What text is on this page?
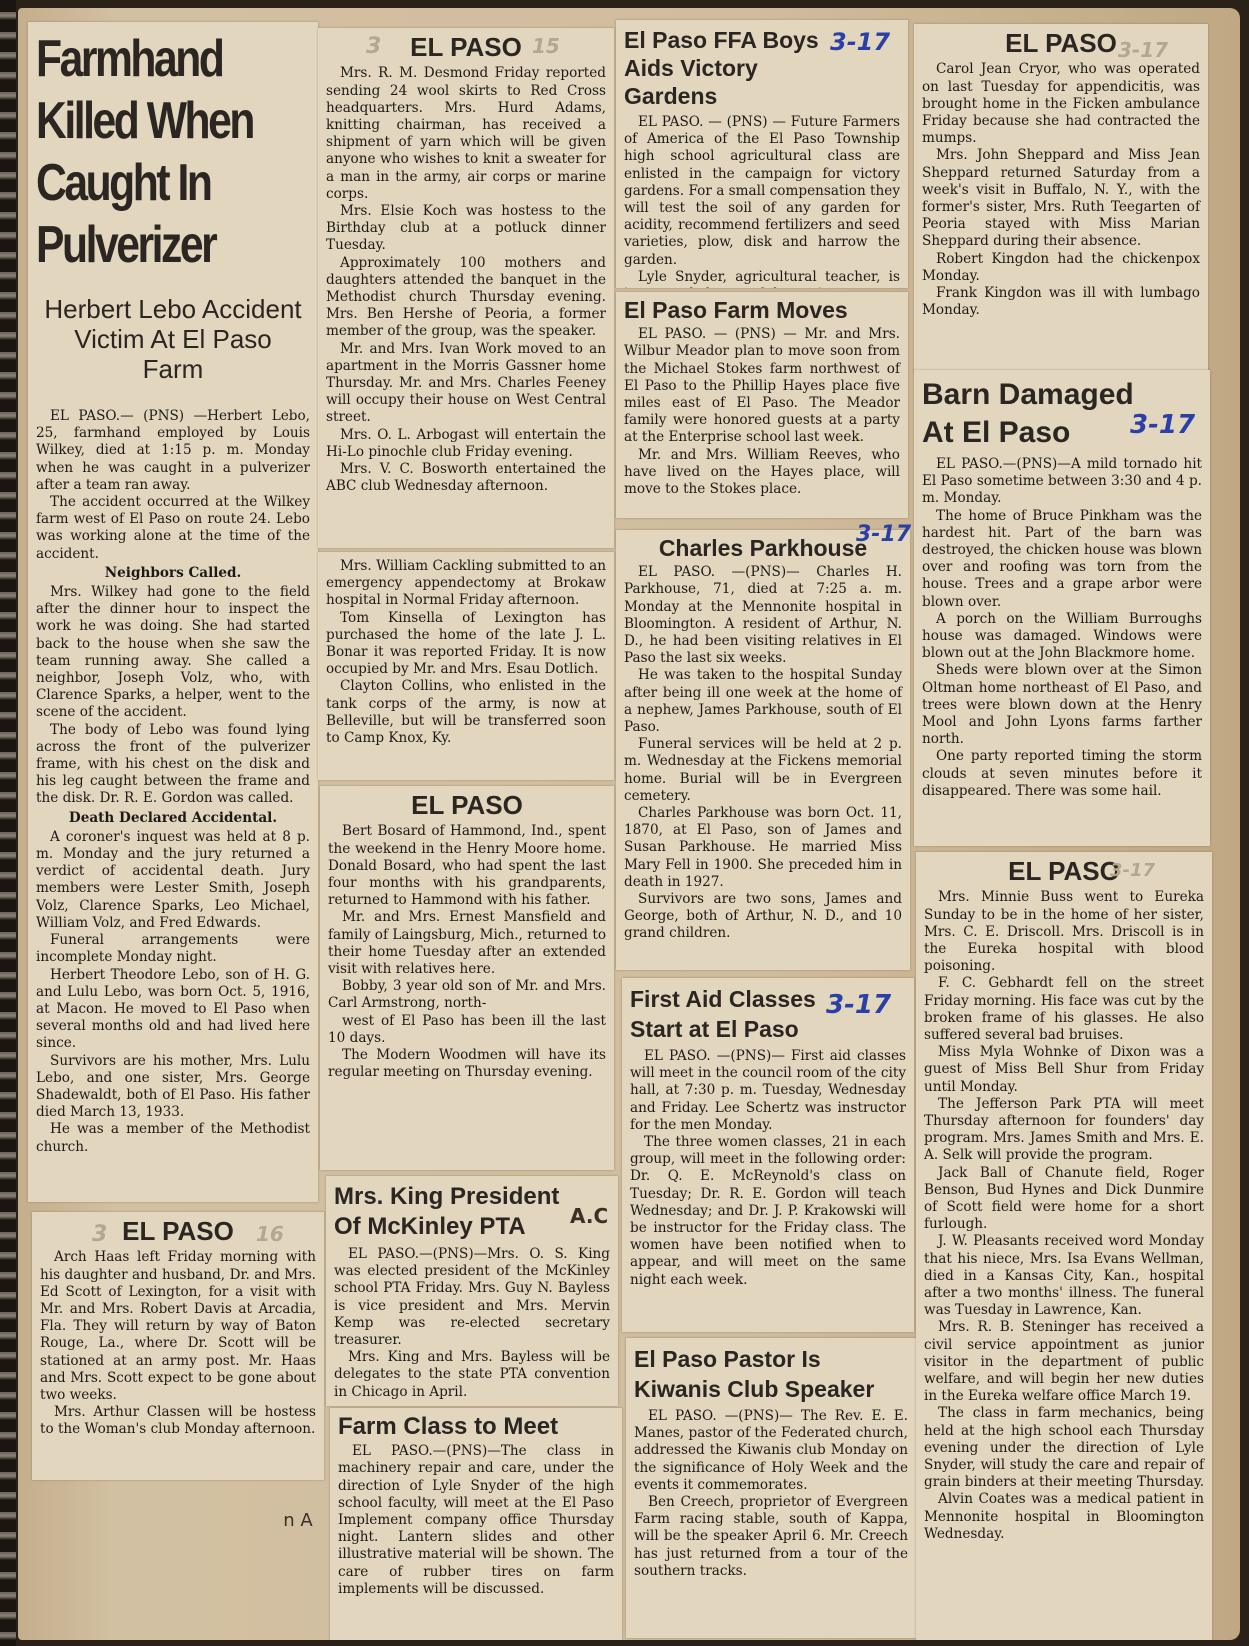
Farmhand Killed When Caught In Pulverizer
Herbert Lebo Accident Victim At El Paso Farm

EL PASO.— (PNS) —Herbert Lebo, 25, farmhand employed by Louis Wilkey, died at 1:15 p. m. Monday when he was caught in a pulverizer after a team ran away.

The accident occurred at the Wilkey farm west of El Paso on route 24. Lebo was working alone at the time of the accident.

Neighbors Called.

Mrs. Wilkey had gone to the field after the dinner hour to inspect the work he was doing. She had started back to the house when she saw the team running away. She called a neighbor, Joseph Volz, who, with Clarence Sparks, a helper, went to the scene of the accident.

The body of Lebo was found lying across the front of the pulverizer frame, with his chest on the disk and his leg caught between the frame and the disk. Dr. R. E. Gordon was called.

Death Declared Accidental.

A coroner's inquest was held at 8 p. m. Monday and the jury returned a verdict of accidental death. Jury members were Lester Smith, Joseph Volz, Clarence Sparks, Leo Michael, William Volz, and Fred Edwards.

Funeral arrangements were incomplete Monday night.

Herbert Theodore Lebo, son of H. G. and Lulu Lebo, was born Oct. 5, 1916, at Macon. He moved to El Paso when several months old and had lived here since.

Survivors are his mother, Mrs. Lulu Lebo, and one sister, Mrs. George Shadewaldt, both of El Paso. His father died March 13, 1933.

He was a member of the Methodist church.

EL PASO

Arch Haas left Friday morning with his daughter and husband, Dr. and Mrs. Ed Scott of Lexington, for a visit with Mr. and Mrs. Robert Davis at Arcadia, Fla. They will return by way of Baton Rouge, La., where Dr. Scott will be stationed at an army post. Mr. Haas and Mrs. Scott expect to be gone about two weeks.

Mrs. Arthur Classen will be hostess to the Woman's club Monday afternoon.

n A
EL PASO

Mrs. R. M. Desmond Friday reported sending 24 wool skirts to Red Cross headquarters. Mrs. Hurd Adams, knitting chairman, has received a shipment of yarn which will be given anyone who wishes to knit a sweater for a man in the army, air corps or marine corps.

Mrs. Elsie Koch was hostess to the Birthday club at a potluck dinner Tuesday.

Approximately 100 mothers and daughters attended the banquet in the Methodist church Thursday evening. Mrs. Ben Hershe of Peoria, a former member of the group, was the speaker.

Mr. and Mrs. Ivan Work moved to an apartment in the Morris Gassner home Thursday. Mr. and Mrs. Charles Feeney will occupy their house on West Central street.

Mrs. O. L. Arbogast will entertain the Hi-Lo pinochle club Friday evening.

Mrs. V. C. Bosworth entertained the ABC club Wednesday afternoon.

Mrs. William Cackling submitted to an emergency appendectomy at Brokaw hospital in Normal Friday afternoon.

Tom Kinsella of Lexington has purchased the home of the late J. L. Bonar it was reported Friday. It is now occupied by Mr. and Mrs. Esau Dotlich.

Clayton Collins, who enlisted in the tank corps of the army, is now at Belleville, but will be transferred soon to Camp Knox, Ky.

EL PASO

Bert Bosard of Hammond, Ind., spent the weekend in the Henry Moore home. Donald Bosard, who had spent the last four months with his grandparents, returned to Hammond with his father.

Mr. and Mrs. Ernest Mansfield and family of Laingsburg, Mich., returned to their home Tuesday after an extended visit with relatives here.

Bobby, 3 year old son of Mr. and Mrs. Carl Armstrong, north-

west of El Paso has been ill the last 10 days.

The Modern Woodmen will have its regular meeting on Thursday evening.

Mrs. King President Of McKinley PTA

EL PASO.—(PNS)—Mrs. O. S. King was elected president of the McKinley school PTA Friday. Mrs. Guy N. Bayless is vice president and Mrs. Mervin Kemp was re-elected secretary treasurer.

Mrs. King and Mrs. Bayless will be delegates to the state PTA convention in Chicago in April.

Farm Class to Meet

EL PASO.—(PNS)—The class in machinery repair and care, under the direction of Lyle Snyder of the high school faculty, will meet at the El Paso Implement company office Thursday night. Lantern slides and other illustrative material will be shown. The care of rubber tires on farm implements will be discussed.

El Paso FFA Boys Aids Victory Gardens

EL PASO. — (PNS) — Future Farmers of America of the El Paso Township high school agricultural class are enlisted in the campaign for victory gardens. For a small compensation they will test the soil of any garden for acidity, recommend fertilizers and seed varieties, plow, disk and harrow the garden.

Lyle Snyder, agricultural teacher, is

El Paso Farm Moves

EL PASO. — (PNS) — Mr. and Mrs. Wilbur Meador plan to move soon from the Michael Stokes farm northwest of El Paso to the Phillip Hayes place five miles east of El Paso. The Meador family were honored guests at a party at the Enterprise school last week.

Mr. and Mrs. William Reeves, who have lived on the Hayes place, will move to the Stokes place.

Charles Parkhouse

EL PASO. —(PNS)— Charles H. Parkhouse, 71, died at 7:25 a. m. Monday at the Mennonite hospital in Bloomington. A resident of Arthur, N. D., he had been visiting relatives in El Paso the last six weeks.

He was taken to the hospital Sunday after being ill one week at the home of a nephew, James Parkhouse, south of El Paso.

Funeral services will be held at 2 p. m. Wednesday at the Fickens memorial home. Burial will be in Evergreen cemetery.

Charles Parkhouse was born Oct. 11, 1870, at El Paso, son of James and Susan Parkhouse. He married Miss Mary Fell in 1900. She preceded him in death in 1927.

Survivors are two sons, James and George, both of Arthur, N. D., and 10 grand children.

First Aid Classes Start at El Paso

EL PASO. —(PNS)— First aid classes will meet in the council room of the city hall, at 7:30 p. m. Tuesday, Wednesday and Friday. Lee Schertz was instructor for the men Monday.

The three women classes, 21 in each group, will meet in the following order: Dr. Q. E. McReynold's class on Tuesday; Dr. R. E. Gordon will teach Wednesday; and Dr. J. P. Krakowski will be instructor for the Friday class. The women have been notified when to appear, and will meet on the same night each week.

El Paso Pastor Is Kiwanis Club Speaker

EL PASO. —(PNS)— The Rev. E. E. Manes, pastor of the Federated church, addressed the Kiwanis club Monday on the significance of Holy Week and the events it commemorates.

Ben Creech, proprietor of Evergreen Farm racing stable, south of Kappa, will be the speaker April 6. Mr. Creech has just returned from a tour of the southern tracks.

EL PASO

Carol Jean Cryor, who was operated on last Tuesday for appendicitis, was brought home in the Ficken ambulance Friday because she had contracted the mumps.

Mrs. John Sheppard and Miss Jean Sheppard returned Saturday from a week's visit in Buffalo, N. Y., with the former's sister, Mrs. Ruth Teegarten of Peoria stayed with Miss Marian Sheppard during their absence.

Robert Kingdon had the chickenpox Monday.

Frank Kingdon was ill with lumbago Monday.

Barn Damaged At El Paso

EL PASO.—(PNS)—A mild tornado hit El Paso sometime between 3:30 and 4 p. m. Monday.

The home of Bruce Pinkham was the hardest hit. Part of the barn was destroyed, the chicken house was blown over and roofing was torn from the house. Trees and a grape arbor were blown over.

A porch on the William Burroughs house was damaged. Windows were blown out at the John Blackmore home.

Sheds were blown over at the Simon Oltman home northeast of El Paso, and trees were blown down at the Henry Mool and John Lyons farms farther north.

One party reported timing the storm clouds at seven minutes before it disappeared. There was some hail.

EL PASO

Mrs. Minnie Buss went to Eureka Sunday to be in the home of her sister, Mrs. C. E. Driscoll. Mrs. Driscoll is in the Eureka hospital with blood poisoning.

F. C. Gebhardt fell on the street Friday morning. His face was cut by the broken frame of his glasses. He also suffered several bad bruises.

Miss Myla Wohnke of Dixon was a guest of Miss Bell Shur from Friday until Monday.

The Jefferson Park PTA will meet Thursday afternoon for founders' day program. Mrs. James Smith and Mrs. E. A. Selk will provide the program.

Jack Ball of Chanute field, Roger Benson, Bud Hynes and Dick Dunmire of Scott field were home for a short furlough.

J. W. Pleasants received word Monday that his niece, Mrs. Isa Evans Wellman, died in a Kansas City, Kan., hospital after a two months' illness. The funeral was Tuesday in Lawrence, Kan.

Mrs. R. B. Steninger has received a civil service appointment as junior visitor in the department of public welfare, and will begin her new duties in the Eureka welfare office March 19.

The class in farm mechanics, being held at the high school each Thursday evening under the direction of Lyle Snyder, will study the care and repair of grain binders at their meeting Thursday.

Alvin Coates was a medical patient in Mennonite hospital in Bloomington Wednesday.

3-17
3-17
3-17
3-17
3-17
15
16
3
3
3-17
A.C
